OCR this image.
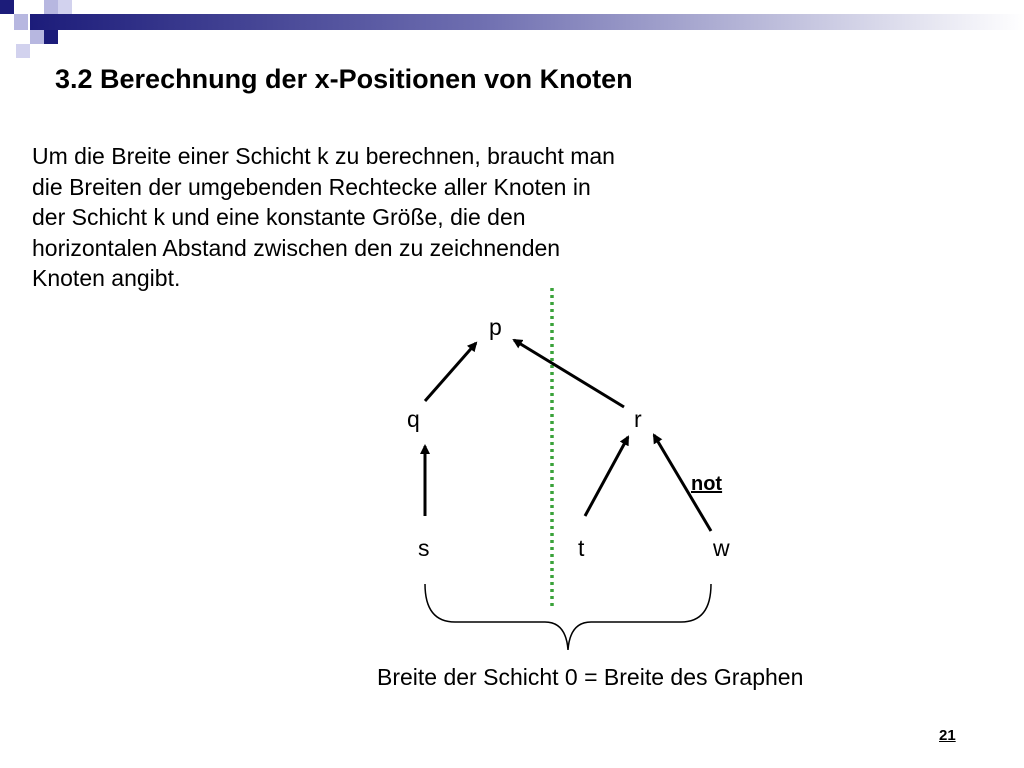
3.2 Berechnung der x-Positionen von Knoten
Um die Breite einer Schicht k zu berechnen, braucht man
die Breiten der umgebenden Rechtecke aller Knoten in
der Schicht k und eine konstante Größe, die den
horizontalen Abstand zwischen den zu zeichnenden
Knoten angibt.
p
q	r
s	t	w
not
Breite der Schicht 0 = Breite des Graphen
21
